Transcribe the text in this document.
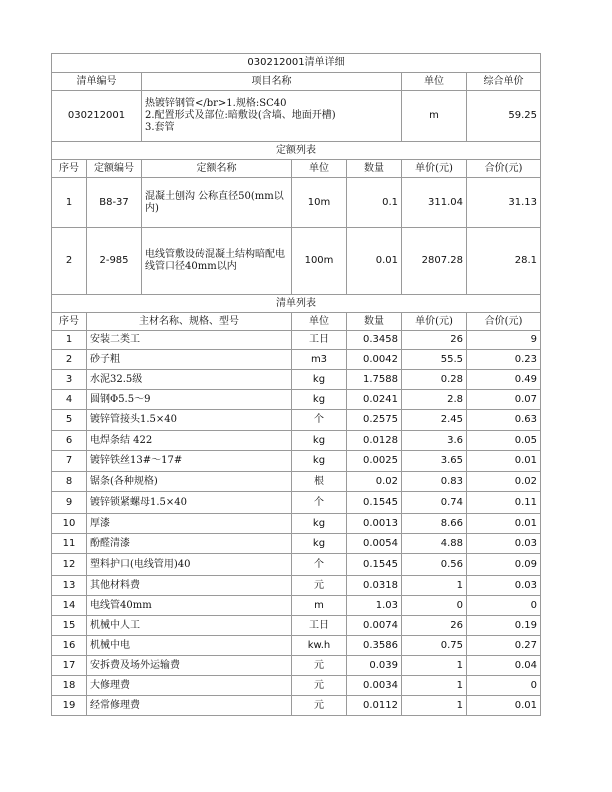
030212001清单详细						
清单编号		项目名称			单位	综合单价
030212001		热镀锌钢管</br>1.规格:SC40
2.配置形式及部位:暗敷设(含墙、地面开槽)
3.套管			m	59.25
定额列表						
序号	定额编号	定额名称	单位	数量	单价(元)	合价(元)
1	B8-37	混凝土刨沟 公称直径50(mm以内)	10m	0.1	311.04	31.13
2	2-985	电线管敷设砖混凝土结构暗配电线管口径40mm以内	100m	0.01	2807.28	28.1
清单列表						
序号	主材名称、规格、型号		单位	数量	单价(元)	合价(元)
1	安装二类工		工日	0.3458	26	9
2	砂子粗		m3	0.0042	55.5	0.23
3	水泥32.5级		kg	1.7588	0.28	0.49
4	圆钢Φ5.5～9		kg	0.0241	2.8	0.07
5	镀锌管接头1.5×40		个	0.2575	2.45	0.63
6	电焊条结 422		kg	0.0128	3.6	0.05
7	镀锌铁丝13#～17#		kg	0.0025	3.65	0.01
8	锯条(各种规格)		根	0.02	0.83	0.02
9	镀锌锁紧螺母1.5×40		个	0.1545	0.74	0.11
10	厚漆		kg	0.0013	8.66	0.01
11	酚醛清漆		kg	0.0054	4.88	0.03
12	塑料护口(电线管用)40		个	0.1545	0.56	0.09
13	其他材料费		元	0.0318	1	0.03
14	电线管40mm		m	1.03	0	0
15	机械中人工		工日	0.0074	26	0.19
16	机械中电		kw.h	0.3586	0.75	0.27
17	安拆费及场外运输费		元	0.039	1	0.04
18	大修理费		元	0.0034	1	0
19	经常修理费		元	0.0112	1	0.01
